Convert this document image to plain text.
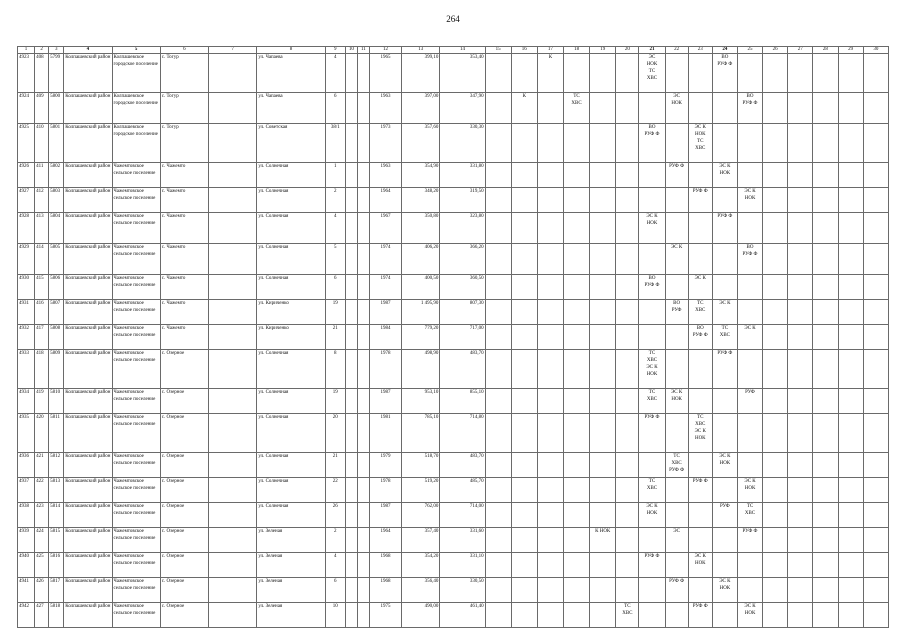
264
1	2	3	4	5	6	7	8	9	10	11	12	13	14	15	16	17	18	19	20	21	22	23	24	25	26	27	28	29	30
4923	408	5799	Колпашевский район	Колпашевское городское поселение	с. Тогур		ул. Чапаева	4			1965	399,10	353,40			К				ЭС
НОК
ТС
ХВС			ВО
РУФ Ф						

4924	409	5800	Колпашевский район	Колпашевское городское поселение	с. Тогур		ул. Чапаева	6			1963	397,00	347,90		К		ТС
ХВС				ЭС
НОК			ВО
РУФ Ф					

4925	410	5801	Колпашевский район	Колпашевское городское поселение	с. Тогур		ул. Советская	38/1			1973	357,60	330,30							ВО
РУФ Ф		ЭС К
НОК
ТС
ХВС							

4926	411	5802	Колпашевский район	Чажемтовское сельское поселение	с. Чажемто		ул. Солнечная	1			1963	354,90	331,80								РУФ Ф		ЭС К
НОК						

4927	412	5803	Колпашевский район	Чажемтовское сельское поселение	с. Чажемто		ул. Солнечная	2			1964	348,20	319,50									РУФ Ф		ЭС К
НОК					

4928	413	5804	Колпашевский район	Чажемтовское сельское поселение	с. Чажемто		ул. Солнечная	4			1967	350,80	323,80							ЭС К
НОК			РУФ Ф						

4929	414	5805	Колпашевский район	Чажемтовское сельское поселение	с. Чажемто		ул. Солнечная	5			1974	406,20	366,20								ЭС К			ВО
РУФ Ф					

4930	415	5806	Колпашевский район	Чажемтовское сельское поселение	с. Чажемто		ул. Солнечная	6			1974	400,50	360,50							ВО
РУФ Ф		ЭС К							

4931	416	5807	Колпашевский район	Чажемтовское сельское поселение	с. Чажемто		ул. Кириченко	19			1987	1 495,90	807,30								ВО
РУФ	ТС
ХВС	ЭС К						

4932	417	5808	Колпашевский район	Чажемтовское сельское поселение	с. Чажемто		ул. Кириченко	21			1984	779,20	717,00									ВО
РУФ Ф	ТС
ХВС	ЭС К					

4933	418	5809	Колпашевский район	Чажемтовское сельское поселение	с. Озерное		ул. Солнечная	8			1978	498,90	483,70							ТС
ХВС
ЭС К
НОК			РУФ Ф						

4934	419	5810	Колпашевский район	Чажемтовское сельское поселение	с. Озерное		ул. Солнечная	19			1987	953,10	855,10							ТС
ХВС	ЭС К
НОК			РУФ					

4935	420	5811	Колпашевский район	Чажемтовское сельское поселение	с. Озерное		ул. Солнечная	20			1981	785,10	714,80							РУФ Ф		ТС
ХВС
ЭС К
НОК							

4936	421	5812	Колпашевский район	Чажемтовское сельское поселение	с. Озерное		ул. Солнечная	21			1979	518,70	483,70								ТС
ХВС
РУФ Ф		ЭС К
НОК						

4937	422	5813	Колпашевский район	Чажемтовское сельское поселение	с. Озерное		ул. Солнечная	22			1978	519,20	485,70							ТС
ХВС		РУФ Ф		ЭС К
НОК					

4938	423	5814	Колпашевский район	Чажемтовское сельское поселение	с. Озерное		ул. Солнечная	26			1987	762,00	714,00							ЭС К
НОК			РУФ	ТС
ХВС					

4939	424	5815	Колпашевский район	Чажемтовское сельское поселение	с. Озерное		ул. Зеленая	2			1964	357,40	331,60					К НОК			ЭС			РУФ Ф					

4940	425	5816	Колпашевский район	Чажемтовское сельское поселение	с. Озерное		ул. Зеленая	4			1968	354,20	331,10							РУФ Ф		ЭС К
НОК							

4941	426	5817	Колпашевский район	Чажемтовское сельское поселение	с. Озерное		ул. Зеленая	6			1968	356,40	330,50								РУФ Ф		ЭС К
НОК						

4942	427	5818	Колпашевский район	Чажемтовское сельское поселение	с. Озерное		ул. Зеленая	10			1975	490,00	461,40						ТС
ХВС			РУФ Ф		ЭС К
НОК					
